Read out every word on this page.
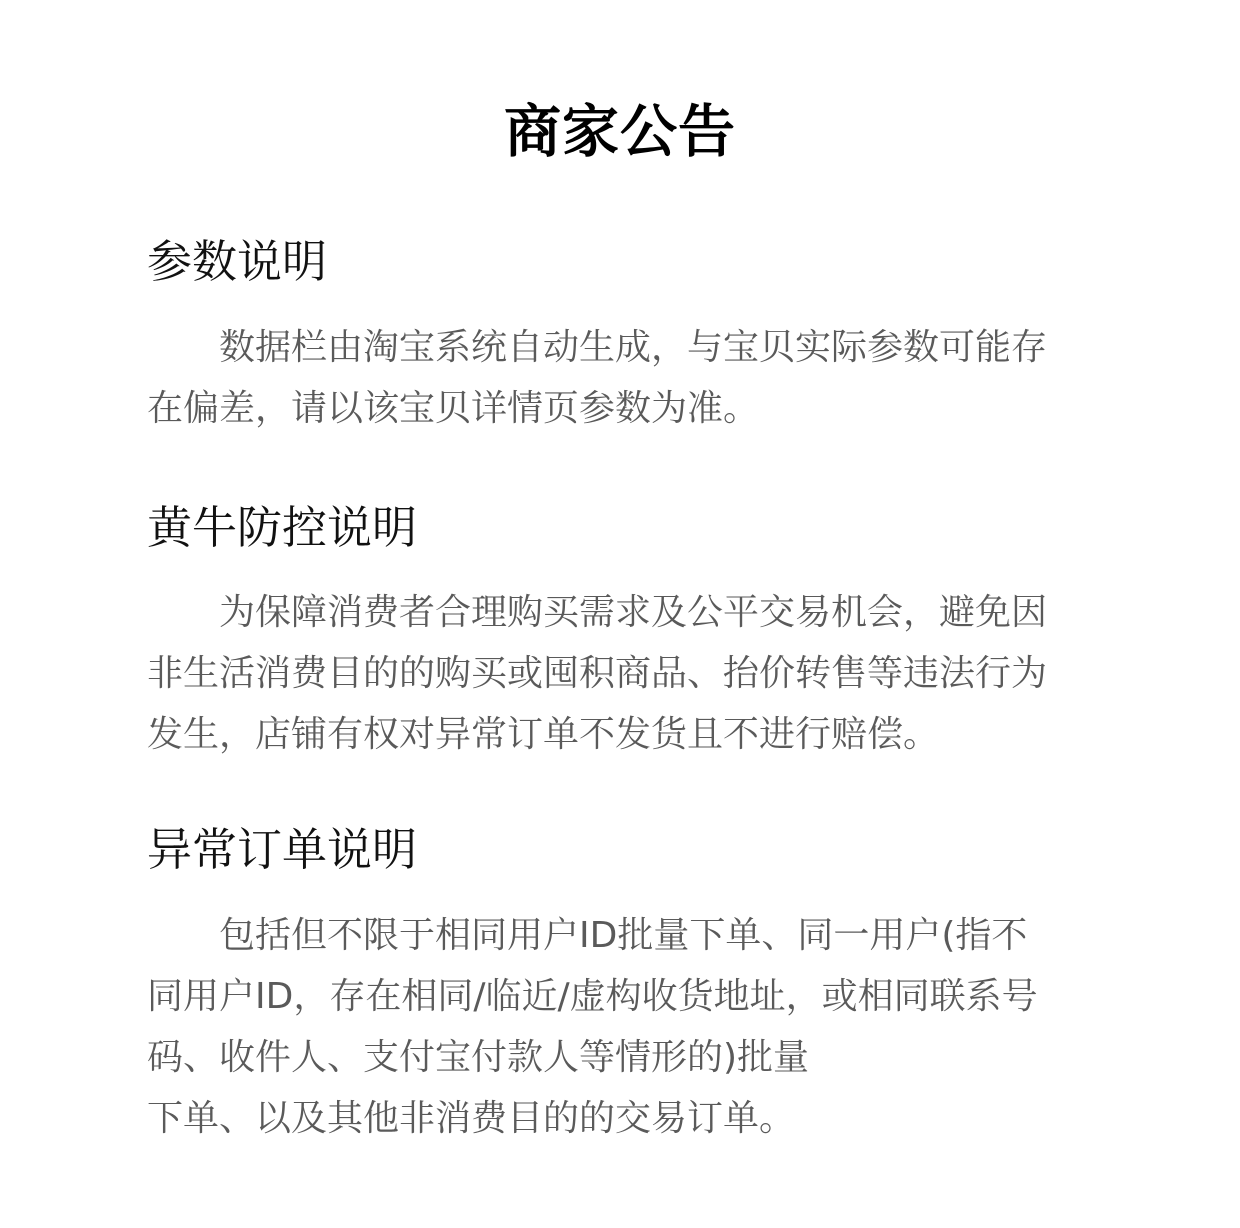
商家公告
参数说明

数据栏由淘宝系统自动生成，与宝贝实际参数可能存
在偏差，请以该宝贝详情页参数为准。

黄牛防控说明

为保障消费者合理购买需求及公平交易机会，避免因
非生活消费目的的购买或囤积商品、抬价转售等违法行为
发生，店铺有权对异常订单不发货且不进行赔偿。

异常订单说明

包括但不限于相同用户ID批量下单、同一用户(指不
同用户ID，存在相同/临近/虚构收货地址，或相同联系号
码、收件人、支付宝付款人等情形的)批量
下单、以及其他非消费目的的交易订单。
